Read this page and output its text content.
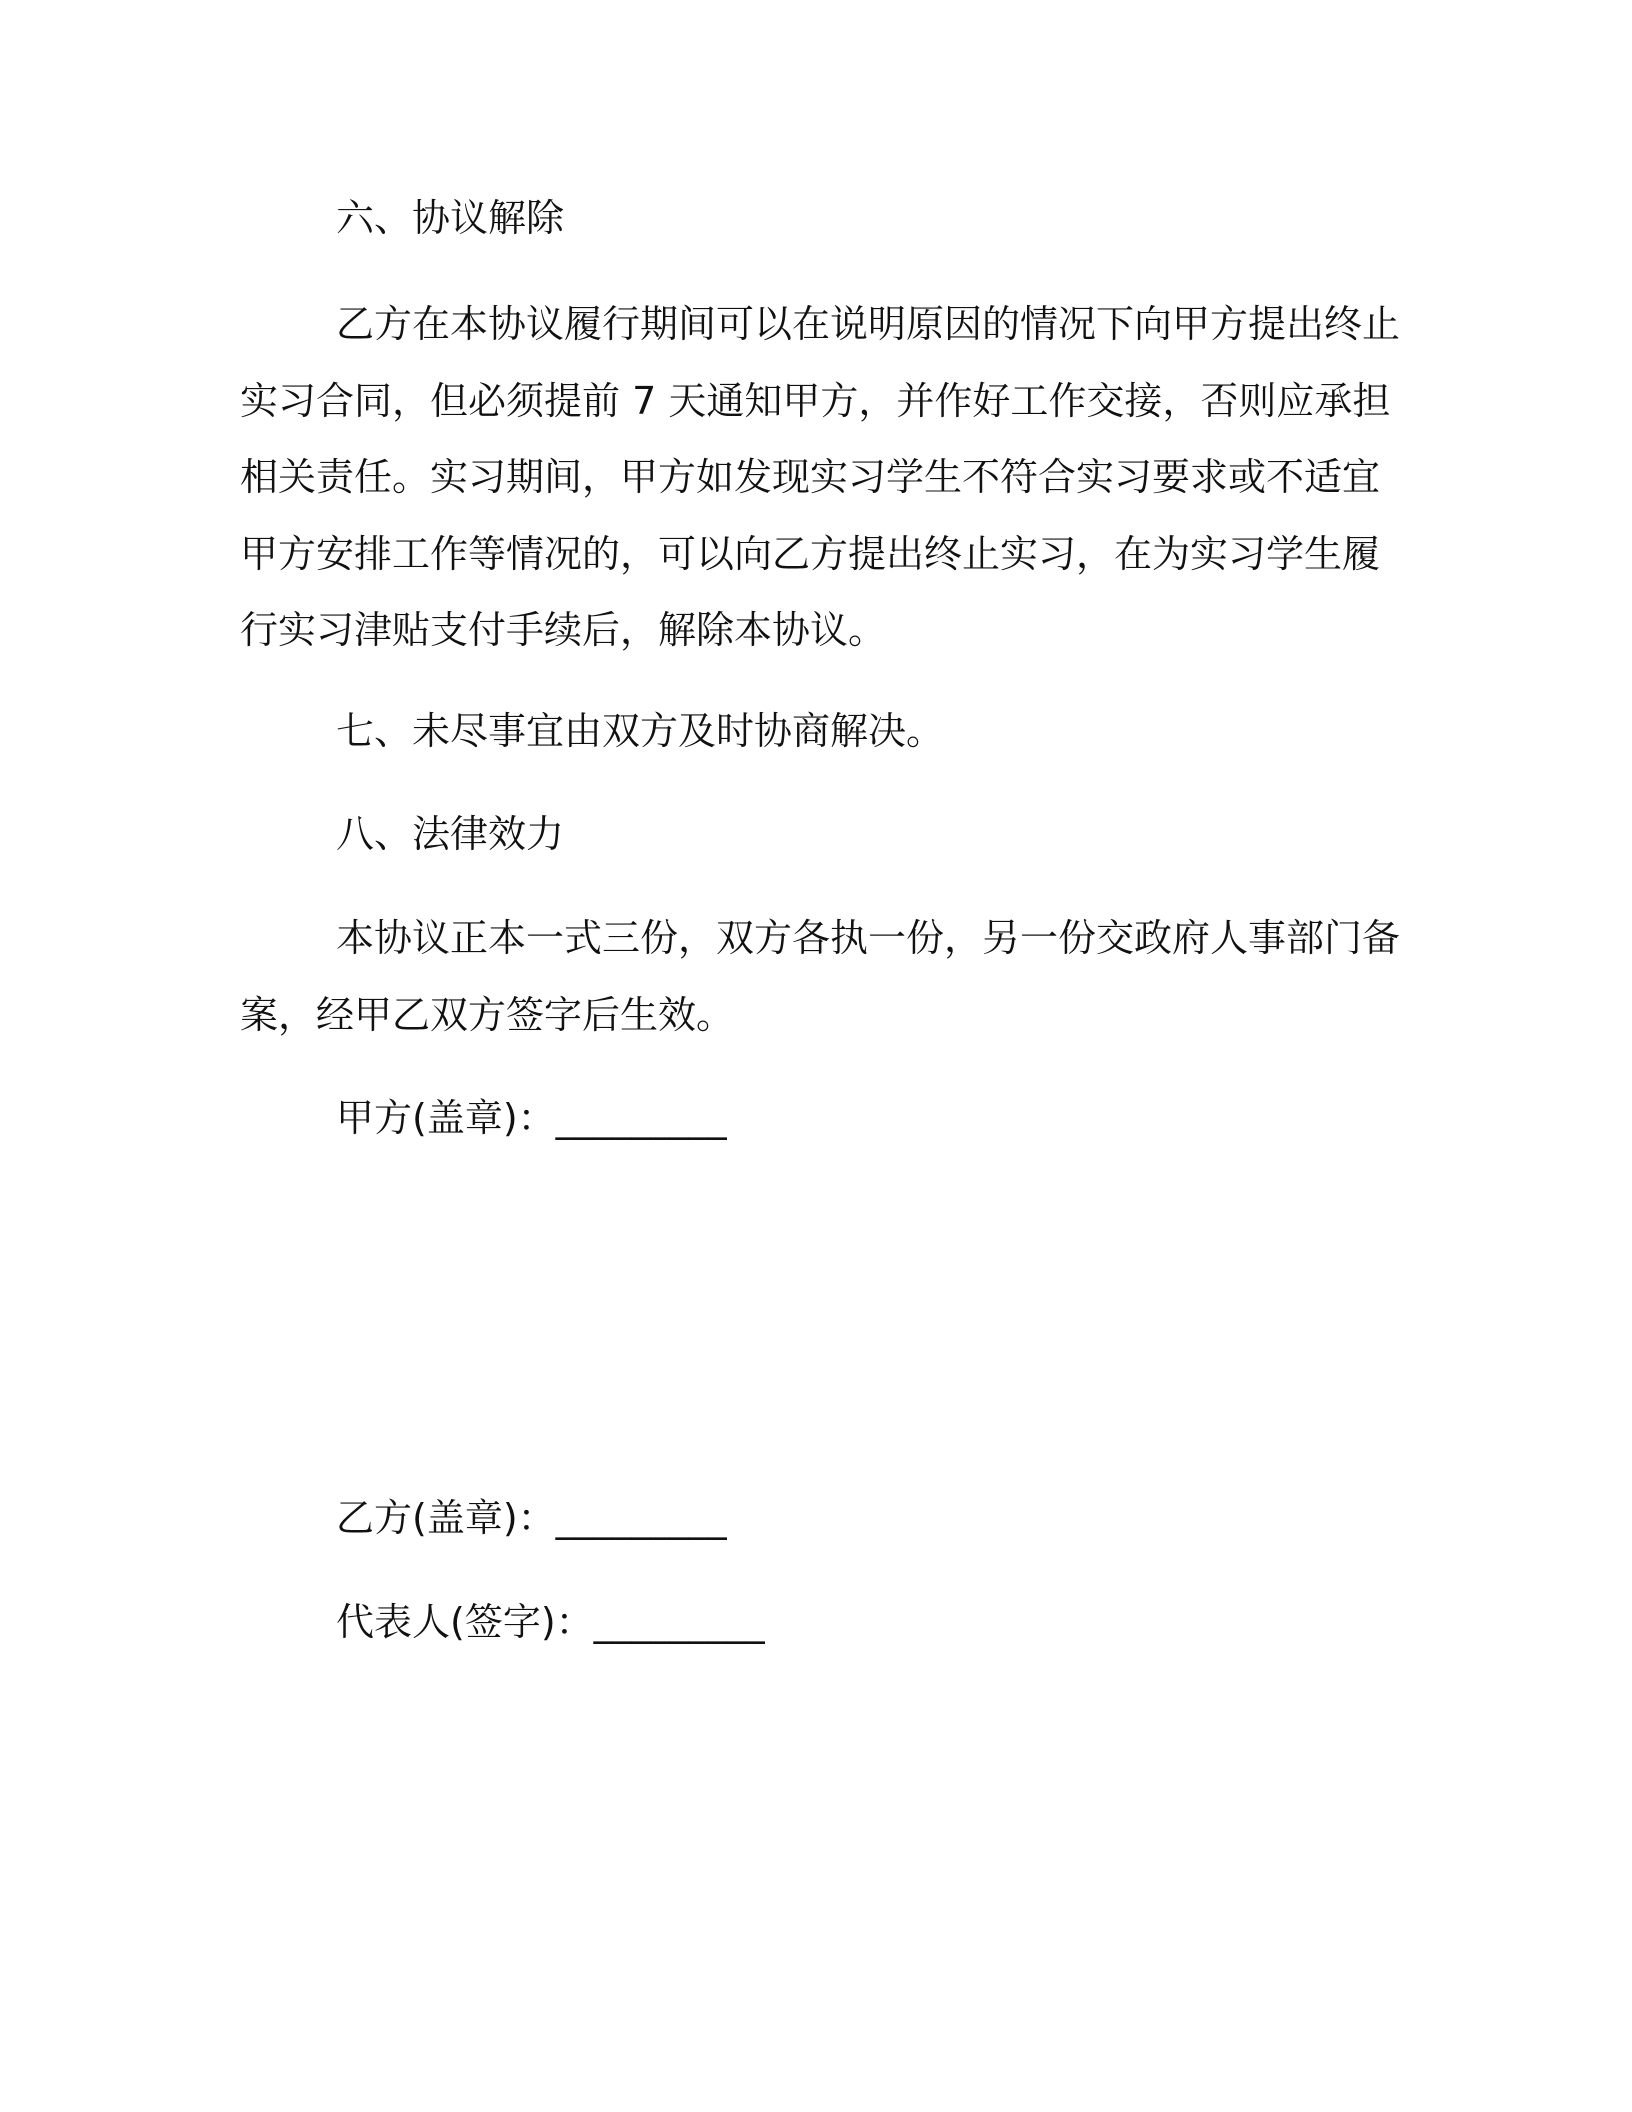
六、协议解除
乙方在本协议履行期间可以在说明原因的情况下向甲方提出终止
实习合同，但必须提前 7 天通知甲方，并作好工作交接，否则应承担
相关责任。实习期间，甲方如发现实习学生不符合实习要求或不适宜
甲方安排工作等情况的，可以向乙方提出终止实习，在为实习学生履
行实习津贴支付手续后，解除本协议。
七、未尽事宜由双方及时协商解决。
八、法律效力
本协议正本一式三份，双方各执一份，另一份交政府人事部门备
案，经甲乙双方签字后生效。
甲方(盖章)：_________
乙方(盖章)：_________
代表人(签字)：_________
